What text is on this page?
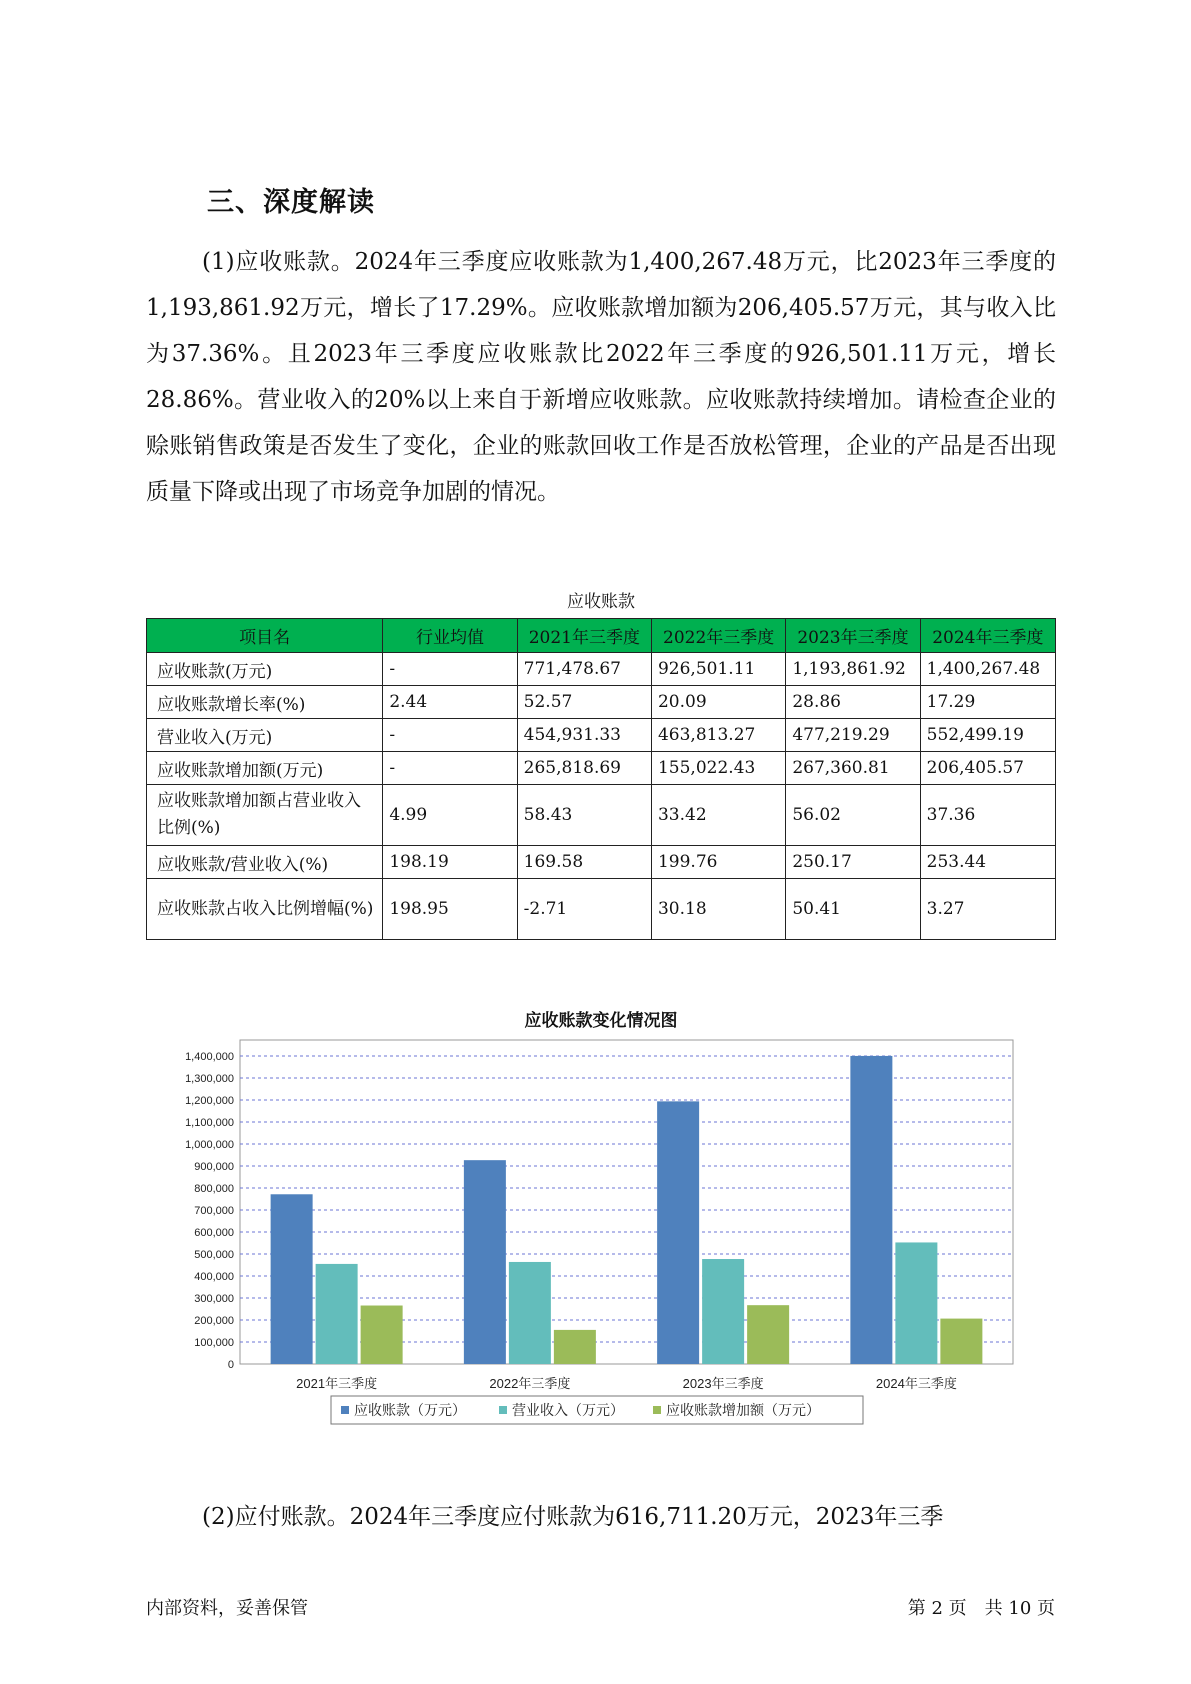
三、深度解读

(1)应收账款。2024年三季度应收账款为1,400,267.48万元，比2023年三季度的1,193,861.92万元，增长了17.29%。应收账款增加额为206,405.57万元，其与收入比为37.36%。且2023年三季度应收账款比2022年三季度的926,501.11万元，增长28.86%。营业收入的20%以上来自于新增应收账款。应收账款持续增加。请检查企业的赊账销售政策是否发生了变化，企业的账款回收工作是否放松管理，企业的产品是否出现质量下降或出现了市场竞争加剧的情况。

应收账款
项目名	行业均值	2021年三季度	2022年三季度	2023年三季度	2024年三季度
应收账款(万元)	-	771,478.67	926,501.11	1,193,861.92	1,400,267.48
应收账款增长率(%)	2.44	52.57	20.09	28.86	17.29
营业收入(万元)	-	454,931.33	463,813.27	477,219.29	552,499.19
应收账款增加额(万元)	-	265,818.69	155,022.43	267,360.81	206,405.57
应收账款增加额占营业收入比例(%)	4.99	58.43	33.42	56.02	37.36
应收账款/营业收入(%)	198.19	169.58	199.76	250.17	253.44
应收账款占收入比例增幅(%)	198.95	-2.71	30.18	50.41	3.27
应收账款变化情况图
0
100,000
200,000
300,000
400,000
500,000
600,000
700,000
800,000
900,000
1,000,000
1,100,000
1,200,000
1,300,000
1,400,000
2021年三季度	2022年三季度	2023年三季度	2024年三季度
应收账款（万元）	营业收入（万元）	应收账款增加额（万元）

(2)应付账款。2024年三季度应付账款为616,711.20万元，2023年三季

内部资料，妥善保管	第 2 页　共 10 页
